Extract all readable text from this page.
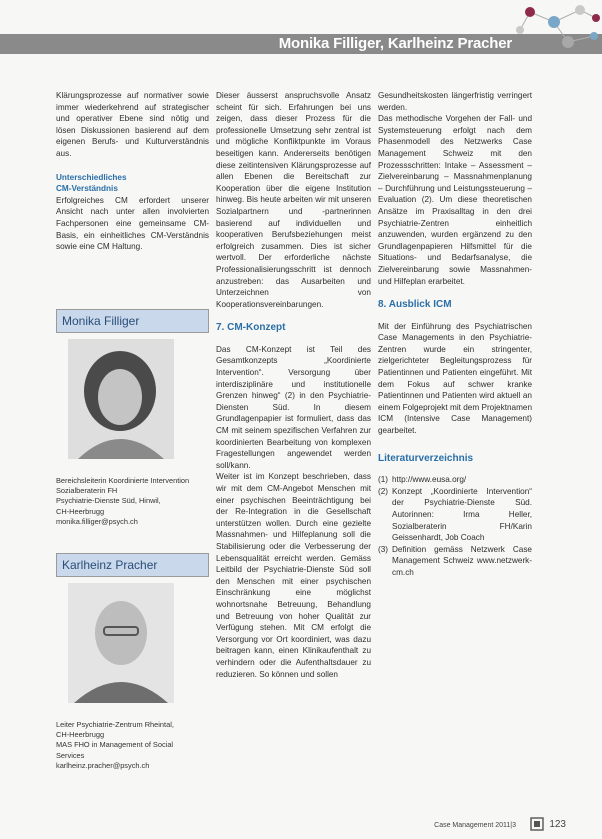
Monika Filliger, Karlheinz Pracher

Klärungsprozesse auf normativer sowie immer wiederkehrend auf strategischer und operativer Ebene sind nötig und lösen Diskussionen basierend auf dem eigenen Berufs- und Kulturverständnis aus.

Unterschiedliches
CM-Verständnis

Erfolgreiches CM erfordert unserer Ansicht nach unter allen involvierten Fachpersonen eine gemeinsame CM-Basis, ein einheitliches CM-Verständnis sowie eine CM Haltung.

Monika Filliger
Bereichsleiterin Koordinierte Intervention
Sozialberaterin FH
Psychiatrie-Dienste Süd, Hinwil,
CH-Heerbrugg
monika.filliger@psych.ch
Karlheinz Pracher
Leiter Psychiatrie-Zentrum Rheintal,
CH-Heerbrugg
MAS FHO in Management of Social
Services
karlheinz.pracher@psych.ch

Dieser äusserst anspruchsvolle Ansatz scheint für sich. Erfahrungen bei uns zeigen, dass dieser Prozess für die professionelle Umsetzung sehr zentral ist und mögliche Konfliktpunkte im Voraus beseitigen kann. Andererseits benötigen diese zeitintensiven Klärungsprozesse auf allen Ebenen die Bereitschaft zur Kooperation über die eigene Institution hinweg. Bis heute arbeiten wir mit unseren Sozialpartnern und -partnerinnen basierend auf individuellen und kooperativen Berufsbeziehungen meist erfolgreich zusammen. Dies ist sicher wertvoll. Der erforderliche nächste Professionalisierungsschritt ist dennoch anzustreben: das Ausarbeiten und Unterzeichnen von Kooperationsvereinbarungen.

7. CM-Konzept

Das CM-Konzept ist Teil des Gesamtkonzepts „Koordinierte Intervention“. Versorgung über interdisziplinäre und institutionelle Grenzen hinweg“ (2) in den Psychiatrie-Diensten Süd. In diesem Grundlagenpapier ist formuliert, dass das CM mit seinem spezifischen Verfahren zur koordinierten Bearbeitung von komplexen Fragestellungen angewendet werden soll/kann.

Weiter ist im Konzept beschrieben, dass wir mit dem CM-Angebot Menschen mit einer psychischen Beeinträchtigung bei der Re-Integration in die Gesellschaft unterstützen wollen. Durch eine gezielte Massnahmen- und Hilfeplanung soll die Stabilisierung oder die Verbesserung der Lebensqualität erreicht werden. Gemäss Leitbild der Psychiatrie-Dienste Süd soll den Menschen mit einer psychischen Einschränkung eine möglichst wohnortsnahe Betreuung, Behandlung und Betreuung von hoher Qualität zur Verfügung stehen. Mit CM erfolgt die Versorgung vor Ort koordiniert, was dazu beitragen kann, einen Klinikaufenthalt zu verhindern oder die Aufenthaltsdauer zu reduzieren. So können und sollen

Gesundheitskosten längerfristig verringert werden.

Das methodische Vorgehen der Fall- und Systemsteuerung erfolgt nach dem Phasenmodell des Netzwerks Case Management Schweiz mit den Prozessschritten: Intake – Assessment – Zielvereinbarung – Massnahmenplanung – Durchführung und Leistungssteuerung – Evaluation (2). Um diese theoretischen Ansätze im Praxisalltag in den drei Psychiatrie-Zentren einheitlich anzuwenden, wurden ergänzend zu den Grundlagenpapieren Hilfsmittel für die Situations- und Bedarfsanalyse, die Zielvereinbarung sowie Massnahmen- und Hilfeplan erarbeitet.

8. Ausblick ICM

Mit der Einführung des Psychiatrischen Case Managements in den Psychiatrie-Zentren wurde ein stringenter, zielgerichteter Begleitungsprozess für Patientinnen und Patienten eingeführt. Mit dem Fokus auf schwer kranke Patientinnen und Patienten wird aktuell an einem Folgeprojekt mit dem Projektnamen ICM (Intensive Case Management) gearbeitet.

Literaturverzeichnis
(1) http://www.eusa.org/
(2) Konzept „Koordinierte Intervention“ der Psychiatrie-Dienste Süd. Autorinnen: Irma Heller, Sozialberaterin FH/Karin Geissenhardt, Job Coach
(3) Definition gemäss Netzwerk Case Management Schweiz www.netzwerk-cm.ch
Case Management 2011|3	123
